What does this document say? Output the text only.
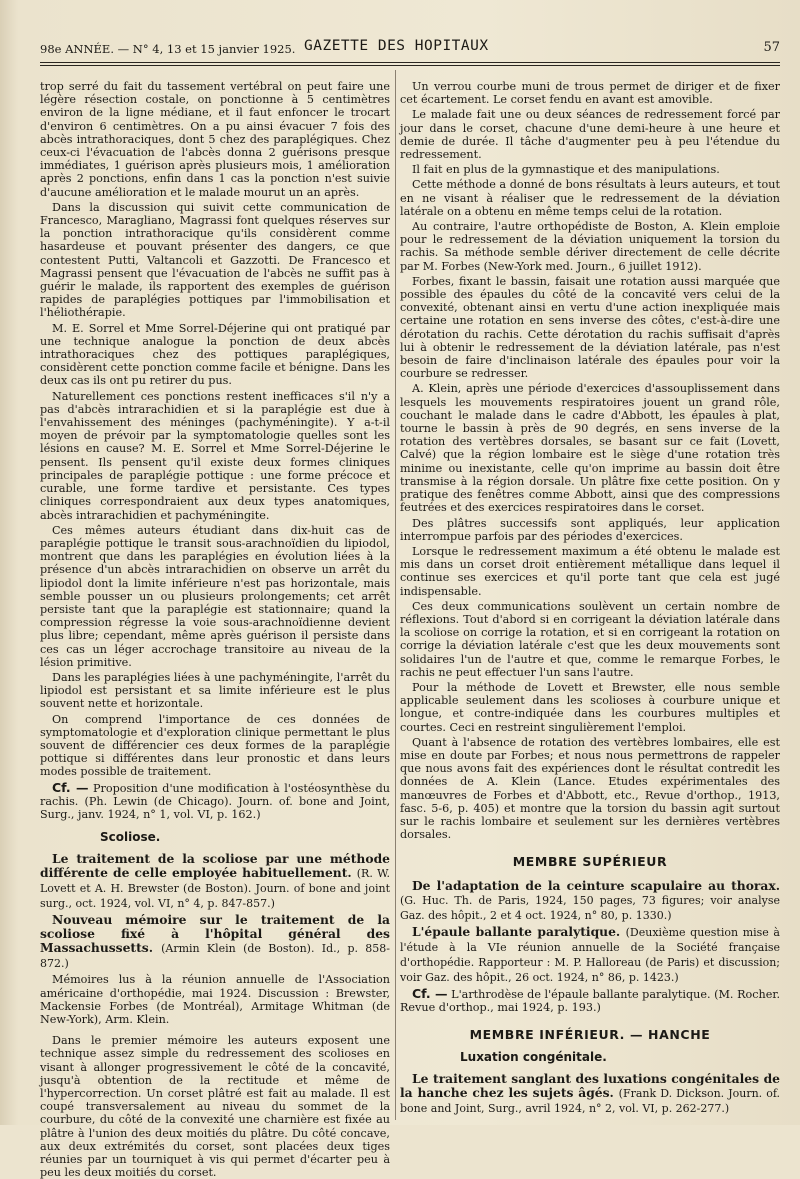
98e ANNÉE. — N° 4, 13 et 15 janvier 1925. GAZETTE DES HOPITAUX	57

trop serré du fait du tassement vertébral on peut faire une légère résection costale, on ponctionne à 5 centimètres environ de la ligne médiane, et il faut enfoncer le trocart d'environ 6 centimètres. On a pu ainsi évacuer 7 fois des abcès intrathoraciques, dont 5 chez des paraplégiques. Chez ceux-ci l'évacuation de l'abcès donna 2 guérisons presque immédiates, 1 guérison après plusieurs mois, 1 amélioration après 2 ponctions, enfin dans 1 cas la ponction n'est suivie d'aucune amélioration et le malade mourut un an après.

Dans la discussion qui suivit cette communication de Francesco, Maragliano, Magrassi font quelques réserves sur la ponction intrathoracique qu'ils considèrent comme hasardeuse et pouvant présenter des dangers, ce que contestent Putti, Valtancoli et Gazzotti. De Francesco et Magrassi pensent que l'évacuation de l'abcès ne suffit pas à guérir le malade, ils rapportent des exemples de guérison rapides de paraplégies pottiques par l'immobilisation et l'héliothérapie.

M. E. Sorrel et Mme Sorrel-Déjerine qui ont pratiqué par une technique analogue la ponction de deux abcès intrathoraciques chez des pottiques paraplégiques, considèrent cette ponction comme facile et bénigne. Dans les deux cas ils ont pu retirer du pus.

Naturellement ces ponctions restent inefficaces s'il n'y a pas d'abcès intrarachidien et si la paraplégie est due à l'envahissement des méninges (pachyméningite). Y a-t-il moyen de prévoir par la symptomatologie quelles sont les lésions en cause? M. E. Sorrel et Mme Sorrel-Déjerine le pensent. Ils pensent qu'il existe deux formes cliniques principales de paraplégie pottique : une forme précoce et curable, une forme tardive et persistante. Ces types cliniques correspondraient aux deux types anatomiques, abcès intrarachidien et pachyméningite.

Ces mêmes auteurs étudiant dans dix-huit cas de paraplégie pottique le transit sous-arachnoïdien du lipiodol, montrent que dans les paraplégies en évolution liées à la présence d'un abcès intrarachidien on observe un arrêt du lipiodol dont la limite inférieure n'est pas horizontale, mais semble pousser un ou plusieurs prolongements; cet arrêt persiste tant que la paraplégie est stationnaire; quand la compression régresse la voie sous-arachnoïdienne devient plus libre; cependant, même après guérison il persiste dans ces cas un léger accrochage transitoire au niveau de la lésion primitive.

Dans les paraplégies liées à une pachyméningite, l'arrêt du lipiodol est persistant et sa limite inférieure est le plus souvent nette et horizontale.

On comprend l'importance de ces données de symptomatologie et d'exploration clinique permettant le plus souvent de différencier ces deux formes de la paraplégie pottique si différentes dans leur pronostic et dans leurs modes possible de traitement.

Cf. — Proposition d'une modification à l'ostéosynthèse du rachis. (Ph. Lewin (de Chicago). Journ. of. bone and Joint, Surg., janv. 1924, n° 1, vol. VI, p. 162.)

Scoliose.

Le traitement de la scoliose par une méthode différente de celle employée habituellement. (R. W. Lovett et A. H. Brewster (de Boston). Journ. of bone and joint surg., oct. 1924, vol. VI, n° 4, p. 847-857.)

Nouveau mémoire sur le traitement de la scoliose fixé à l'hôpital général des Massachussetts. (Armin Klein (de Boston). Id., p. 858-872.)

Mémoires lus à la réunion annuelle de l'Association américaine d'orthopédie, mai 1924. Discussion : Brewster, Mackensie Forbes (de Montréal), Armitage Whitman (de New-York), Arm. Klein.

Dans le premier mémoire les auteurs exposent une technique assez simple du redressement des scolioses en visant à allonger progressivement le côté de la concavité, jusqu'à obtention de la rectitude et même de l'hypercorrection. Un corset plâtré est fait au malade. Il est coupé transversalement au niveau du sommet de la courbure, du côté de la convexité une charnière est fixée au plâtre à l'union des deux moitiés du plâtre. Du côté concave, aux deux extrémités du corset, sont placées deux tiges réunies par un tourniquet à vis qui permet d'écarter peu à peu les deux moitiés du corset.

Un verrou courbe muni de trous permet de diriger et de fixer cet écartement. Le corset fendu en avant est amovible.

Le malade fait une ou deux séances de redressement forcé par jour dans le corset, chacune d'une demi-heure à une heure et demie de durée. Il tâche d'augmenter peu à peu l'étendue du redressement.

Il fait en plus de la gymnastique et des manipulations.

Cette méthode a donné de bons résultats à leurs auteurs, et tout en ne visant à réaliser que le redressement de la déviation latérale on a obtenu en même temps celui de la rotation.

Au contraire, l'autre orthopédiste de Boston, A. Klein emploie pour le redressement de la déviation uniquement la torsion du rachis. Sa méthode semble dériver directement de celle décrite par M. Forbes (New-York med. Journ., 6 juillet 1912).

Forbes, fixant le bassin, faisait une rotation aussi marquée que possible des épaules du côté de la concavité vers celui de la convexité, obtenant ainsi en vertu d'une action inexpliquée mais certaine une rotation en sens inverse des côtes, c'est-à-dire une dérotation du rachis. Cette dérotation du rachis suffisait d'après lui à obtenir le redressement de la déviation latérale, pas n'est besoin de faire d'inclinaison latérale des épaules pour voir la courbure se redresser.

A. Klein, après une période d'exercices d'assouplissement dans lesquels les mouvements respiratoires jouent un grand rôle, couchant le malade dans le cadre d'Abbott, les épaules à plat, tourne le bassin à près de 90 degrés, en sens inverse de la rotation des vertèbres dorsales, se basant sur ce fait (Lovett, Calvé) que la région lombaire est le siège d'une rotation très minime ou inexistante, celle qu'on imprime au bassin doit être transmise à la région dorsale. Un plâtre fixe cette position. On y pratique des fenêtres comme Abbott, ainsi que des compressions feutrées et des exercices respiratoires dans le corset.

Des plâtres successifs sont appliqués, leur application interrompue parfois par des périodes d'exercices.

Lorsque le redressement maximum a été obtenu le malade est mis dans un corset droit entièrement métallique dans lequel il continue ses exercices et qu'il porte tant que cela est jugé indispensable.

Ces deux communications soulèvent un certain nombre de réflexions. Tout d'abord si en corrigeant la déviation latérale dans la scoliose on corrige la rotation, et si en corrigeant la rotation on corrige la déviation latérale c'est que les deux mouvements sont solidaires l'un de l'autre et que, comme le remarque Forbes, le rachis ne peut effectuer l'un sans l'autre.

Pour la méthode de Lovett et Brewster, elle nous semble applicable seulement dans les scolioses à courbure unique et longue, et contre-indiquée dans les courbures multiples et courtes. Ceci en restreint singulièrement l'emploi.

Quant à l'absence de rotation des vertèbres lombaires, elle est mise en doute par Forbes; et nous nous permettrons de rappeler que nous avons fait des expériences dont le résultat contredit les données de A. Klein (Lance. Etudes expérimentales des manœuvres de Forbes et d'Abbott, etc., Revue d'orthop., 1913, fasc. 5-6, p. 405) et montre que la torsion du bassin agit surtout sur le rachis lombaire et seulement sur les dernières vertèbres dorsales.

MEMBRE SUPÉRIEUR

De l'adaptation de la ceinture scapulaire au thorax. (G. Huc. Th. de Paris, 1924, 150 pages, 73 figures; voir analyse Gaz. des hôpit., 2 et 4 oct. 1924, n° 80, p. 1330.)

L'épaule ballante paralytique. (Deuxième question mise à l'étude à la VIe réunion annuelle de la Société française d'orthopédie. Rapporteur : M. P. Halloreau (de Paris) et discussion; voir Gaz. des hôpit., 26 oct. 1924, n° 86, p. 1423.)

Cf. — L'arthrodèse de l'épaule ballante paralytique. (M. Rocher. Revue d'orthop., mai 1924, p. 193.)

MEMBRE INFÉRIEUR. — HANCHE
Luxation congénitale.

Le traitement sanglant des luxations congénitales de la hanche chez les sujets âgés. (Frank D. Dickson. Journ. of. bone and Joint, Surg., avril 1924, n° 2, vol. VI, p. 262-277.)
